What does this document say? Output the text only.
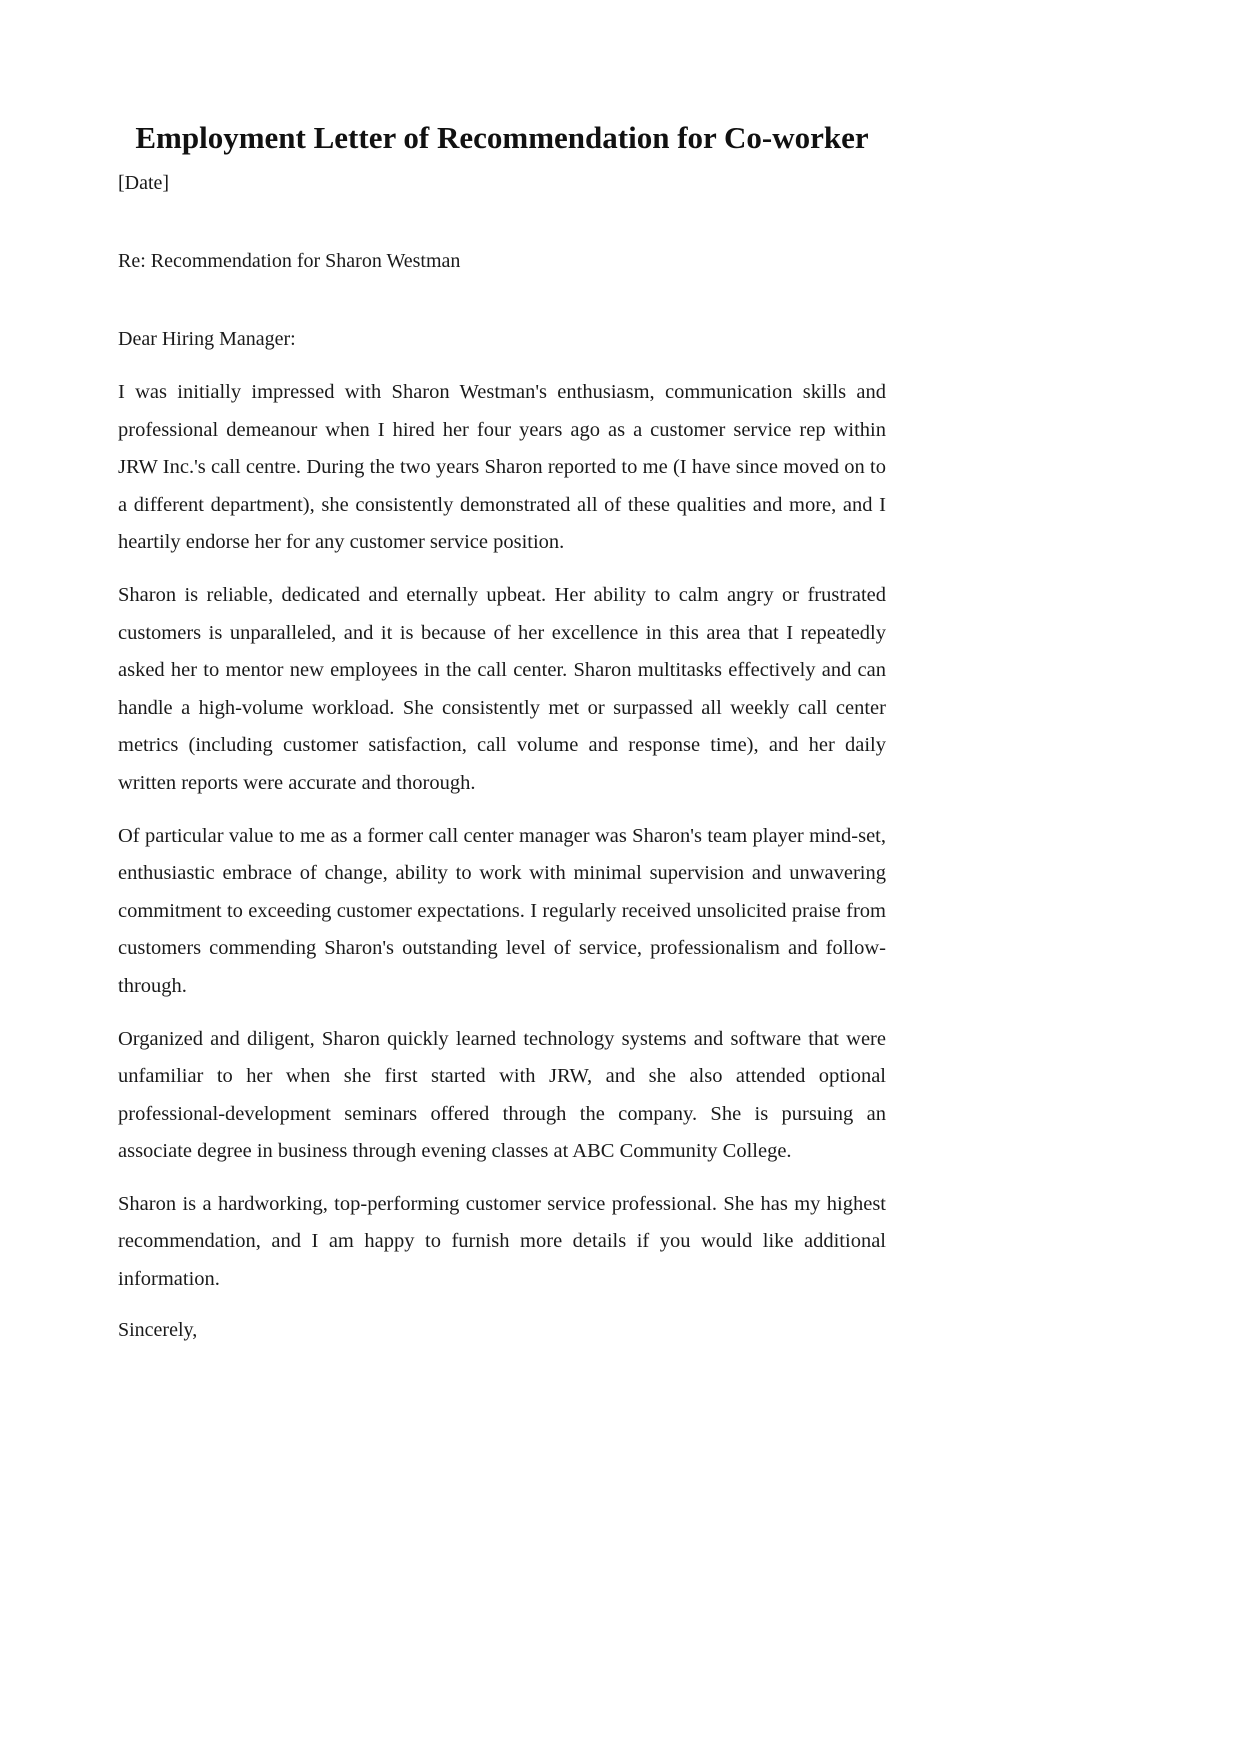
Employment Letter of Recommendation for Co-worker

[Date]

Re: Recommendation for Sharon Westman

Dear Hiring Manager:

I was initially impressed with Sharon Westman's enthusiasm, communication skills and professional demeanour when I hired her four years ago as a customer service rep within JRW Inc.'s call centre. During the two years Sharon reported to me (I have since moved on to a different department), she consistently demonstrated all of these qualities and more, and I heartily endorse her for any customer service position.

Sharon is reliable, dedicated and eternally upbeat. Her ability to calm angry or frustrated customers is unparalleled, and it is because of her excellence in this area that I repeatedly asked her to mentor new employees in the call center. Sharon multitasks effectively and can handle a high-volume workload. She consistently met or surpassed all weekly call center metrics (including customer satisfaction, call volume and response time), and her daily written reports were accurate and thorough.

Of particular value to me as a former call center manager was Sharon's team player mind-set, enthusiastic embrace of change, ability to work with minimal supervision and unwavering commitment to exceeding customer expectations. I regularly received unsolicited praise from customers commending Sharon's outstanding level of service, professionalism and follow-through.

Organized and diligent, Sharon quickly learned technology systems and software that were unfamiliar to her when she first started with JRW, and she also attended optional professional-development seminars offered through the company. She is pursuing an associate degree in business through evening classes at ABC Community College.

Sharon is a hardworking, top-performing customer service professional. She has my highest recommendation, and I am happy to furnish more details if you would like additional information.

Sincerely,
